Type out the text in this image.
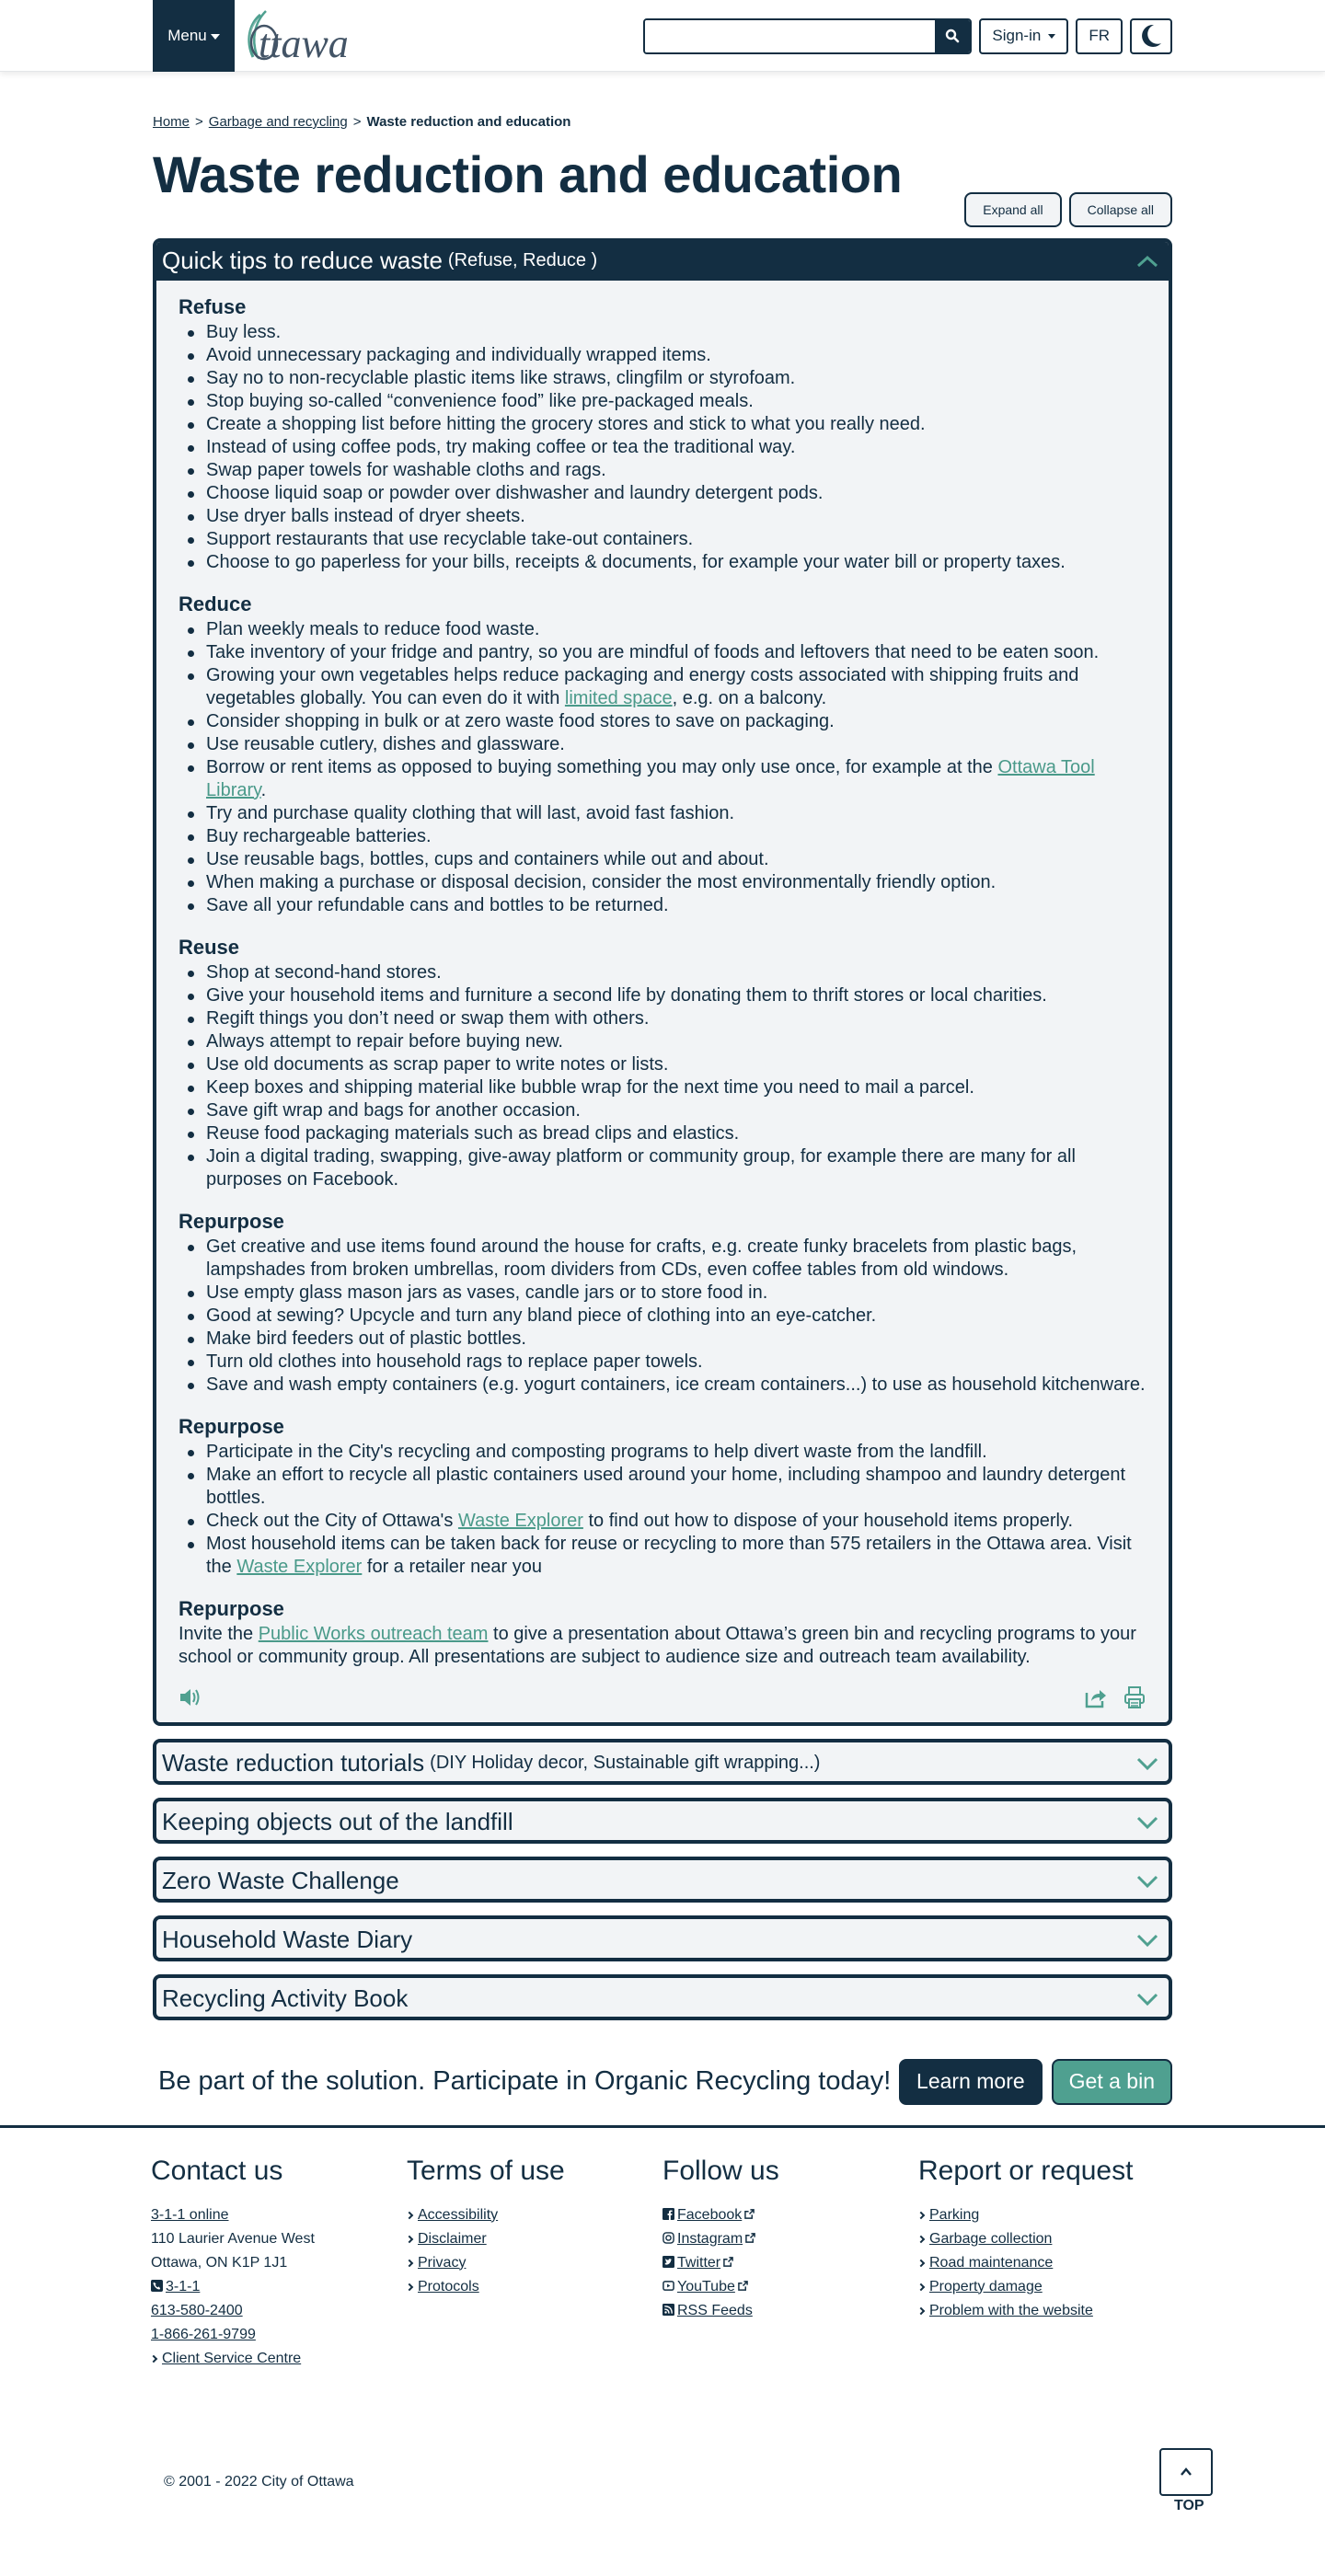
Menu ttawa	Sign-in	FR
Home > Garbage and recycling > Waste reduction and education
Waste reduction and education
Expand all	Collapse all
Quick tips to reduce waste (Refuse, Reduce )
Refuse
Buy less.
Avoid unnecessary packaging and individually wrapped items.
Say no to non-recyclable plastic items like straws, clingfilm or styrofoam.
Stop buying so-called “convenience food” like pre-packaged meals.
Create a shopping list before hitting the grocery stores and stick to what you really need.
Instead of using coffee pods, try making coffee or tea the traditional way.
Swap paper towels for washable cloths and rags.
Choose liquid soap or powder over dishwasher and laundry detergent pods.
Use dryer balls instead of dryer sheets.
Support restaurants that use recyclable take-out containers.
Choose to go paperless for your bills, receipts & documents, for example your water bill or property taxes.
Reduce
Plan weekly meals to reduce food waste.
Take inventory of your fridge and pantry, so you are mindful of foods and leftovers that need to be eaten soon.
Growing your own vegetables helps reduce packaging and energy costs associated with shipping fruits and vegetables globally. You can even do it with limited space, e.g. on a balcony.
Consider shopping in bulk or at zero waste food stores to save on packaging.
Use reusable cutlery, dishes and glassware.
Borrow or rent items as opposed to buying something you may only use once, for example at the Ottawa Tool Library.
Try and purchase quality clothing that will last, avoid fast fashion.
Buy rechargeable batteries.
Use reusable bags, bottles, cups and containers while out and about.
When making a purchase or disposal decision, consider the most environmentally friendly option.
Save all your refundable cans and bottles to be returned.
Reuse
Shop at second-hand stores.
Give your household items and furniture a second life by donating them to thrift stores or local charities.
Regift things you don’t need or swap them with others.
Always attempt to repair before buying new.
Use old documents as scrap paper to write notes or lists.
Keep boxes and shipping material like bubble wrap for the next time you need to mail a parcel.
Save gift wrap and bags for another occasion.
Reuse food packaging materials such as bread clips and elastics.
Join a digital trading, swapping, give-away platform or community group, for example there are many for all purposes on Facebook.
Repurpose
Get creative and use items found around the house for crafts, e.g. create funky bracelets from plastic bags, lampshades from broken umbrellas, room dividers from CDs, even coffee tables from old windows.
Use empty glass mason jars as vases, candle jars or to store food in.
Good at sewing? Upcycle and turn any bland piece of clothing into an eye-catcher.
Make bird feeders out of plastic bottles.
Turn old clothes into household rags to replace paper towels.
Save and wash empty containers (e.g. yogurt containers, ice cream containers...) to use as household kitchenware.
Repurpose
Participate in the City's recycling and composting programs to help divert waste from the landfill.
Make an effort to recycle all plastic containers used around your home, including shampoo and laundry detergent bottles.
Check out the City of Ottawa's Waste Explorer to find out how to dispose of your household items properly.
Most household items can be taken back for reuse or recycling to more than 575 retailers in the Ottawa area. Visit the Waste Explorer for a retailer near you
Repurpose

Invite the Public Works outreach team to give a presentation about Ottawa’s green bin and recycling programs to your school or community group. All presentations are subject to audience size and outreach team availability.

Waste reduction tutorials (DIY Holiday decor, Sustainable gift wrapping...)
Keeping objects out of the landfill
Zero Waste Challenge
Household Waste Diary
Recycling Activity Book
Be part of the solution. Participate in Organic Recycling today!	Learn more	Get a bin
Contact us
3-1-1 online
110 Laurier Avenue West
Ottawa, ON K1P 1J1
3-1-1
613-580-2400
1-866-261-9799
Client Service Centre
Terms of use
Accessibility
Disclaimer
Privacy
Protocols
Follow us
Facebook
Instagram
Twitter
YouTube
RSS Feeds
Report or request
Parking
Garbage collection
Road maintenance
Property damage
Problem with the website
© 2001 - 2022 City of Ottawa
TOP
